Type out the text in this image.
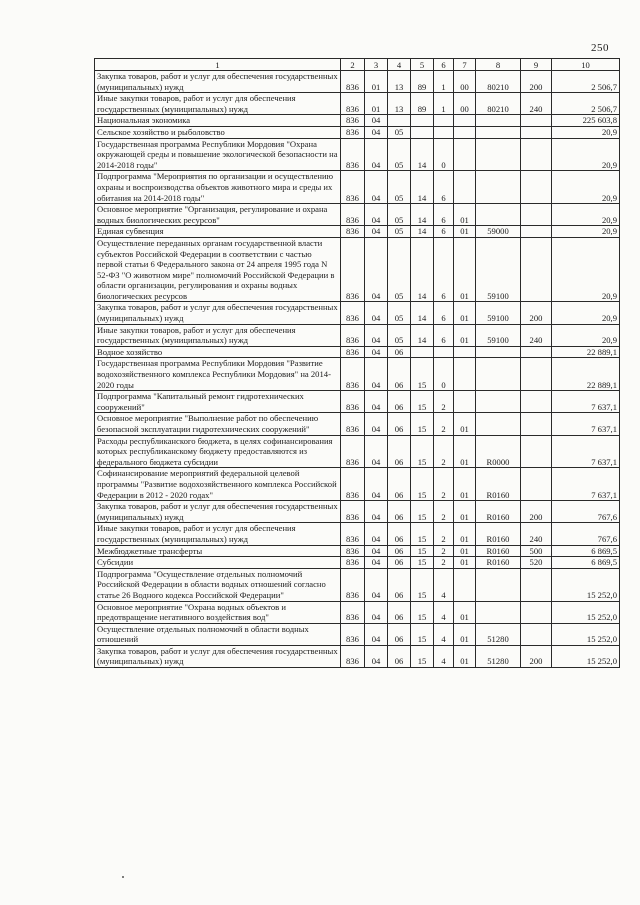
250
1	2	3	4	5	6	7	8	9	10
Закупка товаров, работ и услуг для обеспечения государственных (муниципальных) нужд	836	01	13	89	1	00	80210	200	2 506,7
Иные закупки товаров, работ и услуг для обеспечения государственных (муниципальных) нужд	836	01	13	89	1	00	80210	240	2 506,7
Национальная экономика	836	04							225 603,8
Сельское хозяйство и рыболовство	836	04	05						20,9
Государственная программа Республики Мордовия "Охрана окружающей среды и повышение экологической безопасности на 2014-2018 годы"	836	04	05	14	0				20,9
Подпрограмма "Мероприятия по организации и осуществлению охраны и воспроизводства объектов животного мира и среды их обитания на 2014-2018 годы"	836	04	05	14	6				20,9
Основное мероприятие "Организация, регулирование и охрана водных биологических ресурсов"	836	04	05	14	6	01			20,9
Единая субвенция	836	04	05	14	6	01	59000		20,9
Осуществление переданных органам государственной власти субъектов Российской Федерации в соответствии с частью первой статьи 6 Федерального закона от 24 апреля 1995 года N 52-ФЗ "О животном мире" полномочий Российской Федерации в области организации, регулирования и охраны водных биологических ресурсов	836	04	05	14	6	01	59100		20,9
Закупка товаров, работ и услуг для обеспечения государственных (муниципальных) нужд	836	04	05	14	6	01	59100	200	20,9
Иные закупки товаров, работ и услуг для обеспечения государственных (муниципальных) нужд	836	04	05	14	6	01	59100	240	20,9
Водное хозяйство	836	04	06						22 889,1
Государственная программа Республики Мордовия "Развитие водохозяйственного комплекса Республики Мордовия" на 2014-2020 годы	836	04	06	15	0				22 889,1
Подпрограмма "Капитальный ремонт гидротехнических сооружений"	836	04	06	15	2				7 637,1
Основное мероприятие "Выполнение работ по обеспечению безопасной эксплуатации гидротехнических сооружений"	836	04	06	15	2	01			7 637,1
Расходы республиканского бюджета, в целях софинансирования которых республиканскому бюджету предоставляются из федерального бюджета субсидии	836	04	06	15	2	01	R0000		7 637,1
Софинансирование мероприятий федеральной целевой программы "Развитие водохозяйственного комплекса Российской Федерации в 2012 - 2020 годах"	836	04	06	15	2	01	R0160		7 637,1
Закупка товаров, работ и услуг для обеспечения государственных (муниципальных) нужд	836	04	06	15	2	01	R0160	200	767,6
Иные закупки товаров, работ и услуг для обеспечения государственных (муниципальных) нужд	836	04	06	15	2	01	R0160	240	767,6
Межбюджетные трансферты	836	04	06	15	2	01	R0160	500	6 869,5
Субсидии	836	04	06	15	2	01	R0160	520	6 869,5
Подпрограмма "Осуществление отдельных полномочий Российской Федерации в области водных отношений согласно статье 26 Водного кодекса Российской Федерации"	836	04	06	15	4				15 252,0
Основное мероприятие "Охрана водных объектов и предотвращение негативного воздействия вод"	836	04	06	15	4	01			15 252,0
Осуществление отдельных полномочий в области водных отношений	836	04	06	15	4	01	51280		15 252,0
Закупка товаров, работ и услуг для обеспечения государственных (муниципальных) нужд	836	04	06	15	4	01	51280	200	15 252,0
